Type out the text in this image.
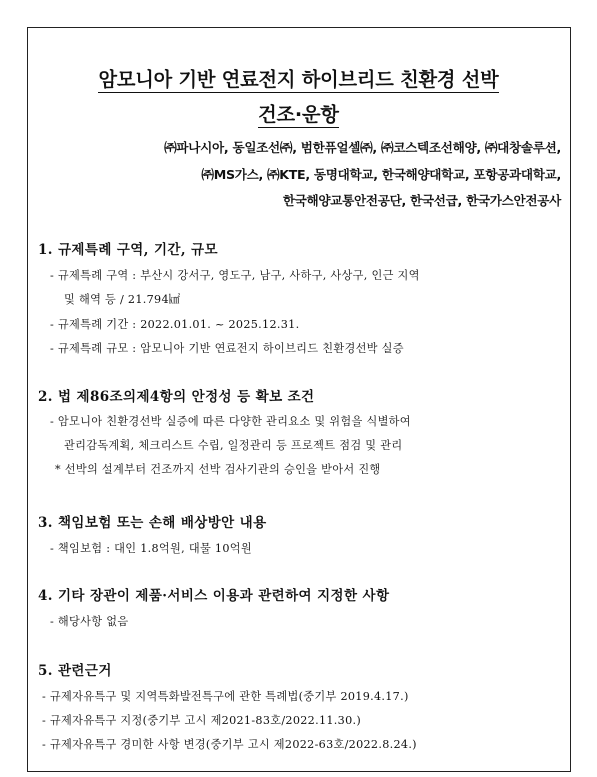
암모니아 기반 연료전지 하이브리드 친환경 선박
건조·운항
㈜파나시아, 동일조선㈜, 범한퓨얼셀㈜, ㈜코스텍조선해양, ㈜대창솔루션,
㈜MS가스, ㈜KTE, 동명대학교, 한국해양대학교, 포항공과대학교,
한국해양교통안전공단, 한국선급, 한국가스안전공사
1. 규제특례 구역, 기간, 규모
- 규제특례 구역 : 부산시 강서구, 영도구, 남구, 사하구, 사상구, 인근 지역
및 해역 등 / 21.794㎢
- 규제특례 기간 : 2022.01.01. ~ 2025.12.31.
- 규제특례 규모 : 암모니아 기반 연료전지 하이브리드 친환경선박 실증
2. 법 제86조의제4항의 안정성 등 확보 조건
- 암모니아 친환경선박 실증에 따른 다양한 관리요소 및 위험을 식별하여
관리감독계획, 체크리스트 수립, 일정관리 등 프로젝트 점검 및 관리
* 선박의 설계부터 건조까지 선박 검사기관의 승인을 받아서 진행
3. 책임보험 또는 손해 배상방안 내용
- 책임보험 : 대인 1.8억원, 대물 10억원
4. 기타 장관이 제품·서비스 이용과 관련하여 지정한 사항
- 해당사항 없음
5. 관련근거
- 규제자유특구 및 지역특화발전특구에 관한 특례법(중기부 2019.4.17.)
- 규제자유특구 지정(중기부 고시 제2021-83호/2022.11.30.)
- 규제자유특구 경미한 사항 변경(중기부 고시 제2022-63호/2022.8.24.)
